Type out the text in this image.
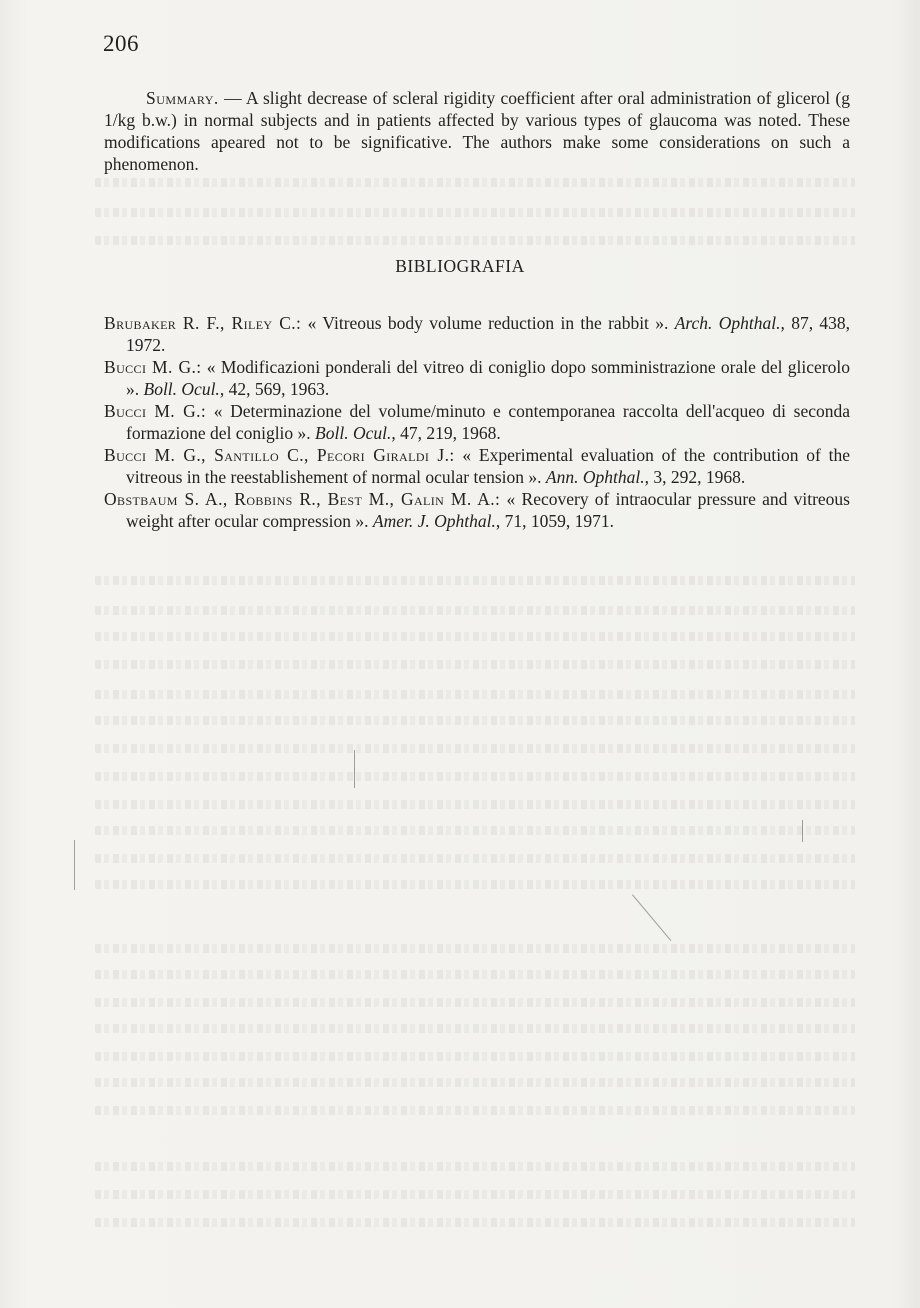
206

Summary. — A slight decrease of scleral rigidity coefficient after oral administration of glicerol (g 1/kg b.w.) in normal subjects and in patients affected by various types of glaucoma was noted. These modifications apeared not to be significative. The authors make some considerations on such a phenomenon.

BIBLIOGRAFIA
Brubaker R. F., Riley C.: « Vitreous body volume reduction in the rabbit ». Arch. Ophthal., 87, 438, 1972.
Bucci M. G.: « Modificazioni ponderali del vitreo di coniglio dopo somministrazione orale del glicerolo ». Boll. Ocul., 42, 569, 1963.
Bucci M. G.: « Determinazione del volume/minuto e contemporanea raccolta dell'acqueo di seconda formazione del coniglio ». Boll. Ocul., 47, 219, 1968.
Bucci M. G., Santillo C., Pecori Giraldi J.: « Experimental evaluation of the contribution of the vitreous in the reestablishement of normal ocular tension ». Ann. Ophthal., 3, 292, 1968.
Obstbaum S. A., Robbins R., Best M., Galin M. A.: « Recovery of intraocular pressure and vitreous weight after ocular compression ». Amer. J. Ophthal., 71, 1059, 1971.
